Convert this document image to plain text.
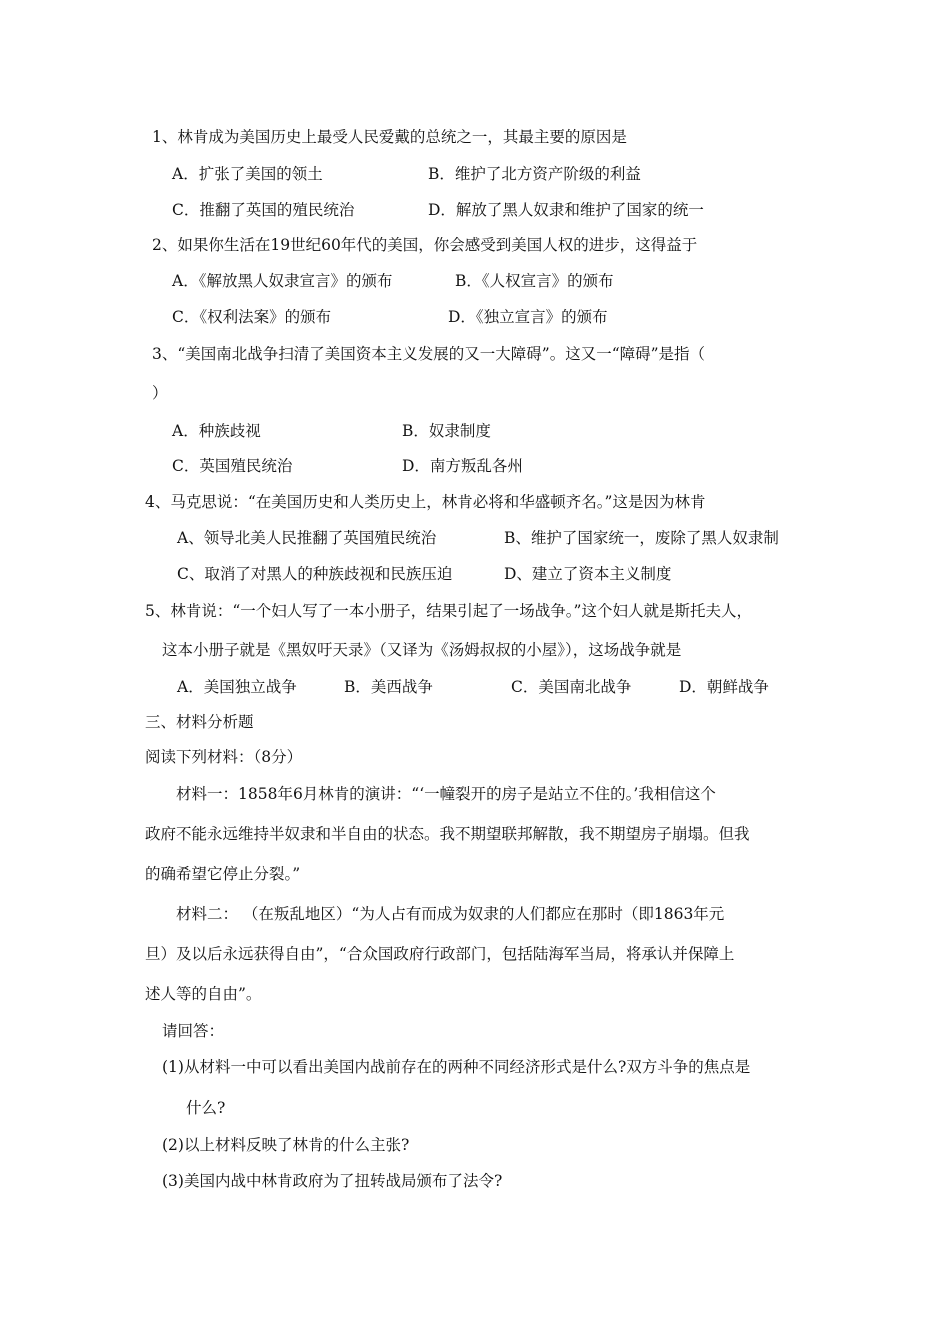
1、林肯成为美国历史上最受人民爱戴的总统之一，其最主要的原因是
A．扩张了美国的领土	B．维护了北方资产阶级的利益
C．推翻了英国的殖民统治	D．解放了黑人奴隶和维护了国家的统一
2、如果你生活在19世纪60年代的美国，你会感受到美国人权的进步，这得益于
A．《解放黑人奴隶宣言》的颁布	B．《人权宣言》的颁布
C．《权利法案》的颁布	D．《独立宣言》的颁布
3、“美国南北战争扫清了美国资本主义发展的又一大障碍”。这又一“障碍”是指（
）
A．种族歧视	B．奴隶制度
C．英国殖民统治	D．南方叛乱各州
4、马克思说：“在美国历史和人类历史上，林肯必将和华盛顿齐名。”这是因为林肯
A、领导北美人民推翻了英国殖民统治	B、维护了国家统一，废除了黑人奴隶制
C、取消了对黑人的种族歧视和民族压迫	D、建立了资本主义制度
5、林肯说：“一个妇人写了一本小册子，结果引起了一场战争。”这个妇人就是斯托夫人，
这本小册子就是《黑奴吁天录》（又译为《汤姆叔叔的小屋》），这场战争就是
A．美国独立战争	B．美西战争	C．美国南北战争	D．朝鲜战争
三、材料分析题
阅读下列材料：（8分）
材料一：1858年6月林肯的演讲：“‘一幢裂开的房子是站立不住的。’我相信这个
政府不能永远维持半奴隶和半自由的状态。我不期望联邦解散，我不期望房子崩塌。但我
的确希望它停止分裂。”
材料二： （在叛乱地区）“为人占有而成为奴隶的人们都应在那时（即1863年元
旦）及以后永远获得自由”，“合众国政府行政部门，包括陆海军当局，将承认并保障上
述人等的自由”。
请回答：
(1)从材料一中可以看出美国内战前存在的两种不同经济形式是什么?双方斗争的焦点是
什么?
(2)以上材料反映了林肯的什么主张?
(3)美国内战中林肯政府为了扭转战局颁布了法令?
